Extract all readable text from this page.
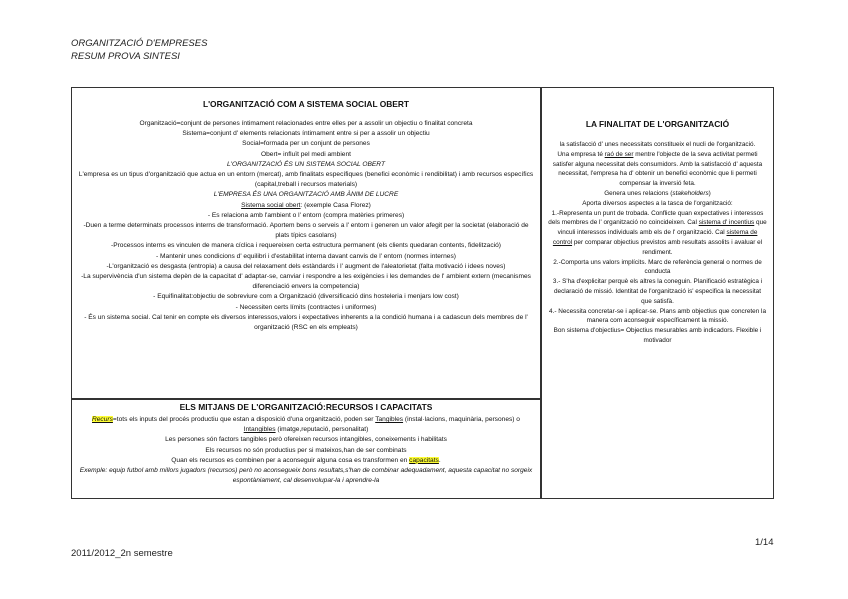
ORGANITZACIÓ D'EMPRESES
RESUM PROVA SINTESI
L'ORGANITZACIÓ COM A SISTEMA SOCIAL OBERT
Organització=conjunt de persones íntimament relacionades entre elles per a assolir un objectiu o finalitat concreta
Sistema=conjunt d' elements relacionats íntimament entre si per a assolir un objectiu
Social=formada per un conjunt de persones
Obert= influït pel medi ambient
L'ORGANITZACIÓ ÉS UN SISTEMA SOCIAL OBERT
L'empresa es un tipus d'organització que actua en un entorn (mercat), amb finalitats específiques (benefici econòmic i rendibilitat) i amb recursos específics (capital,treball i recursos materials)
L'EMPRESA ÉS UNA ORGANITZACIÓ AMB ÀNIM DE LUCRE
Sistema social obert: (exemple Casa Florez)
- Es relaciona amb l'ambient o l' entorn (compra matèries primeres)
-Duen a terme determinats processos interns de transformació. Aportem bens o serveis a l' entorn i generen un valor afegit per la societat (elaboració de plats típics casolans)
-Processos interns es vinculen de manera cíclica i requereixen certa estructura permanent (els clients quedaran contents, fidelització)
- Mantenir unes condicions d' equilibri i d'estabilitat interna davant canvis de l' entorn (normes internes)
-L'organització es desgasta (entropia) a causa del relaxament dels estàndards i l' augment de l'aleatorietat (falta motivació i idees noves)
-La supervivència d'un sistema depèn de la capacitat d' adaptar-se, canviar i respondre a les exigències i les demandes de l' ambient extern (mecanismes diferenciació envers la competencia)
- Equifinalitat:objectiu de sobreviure com a Organització (diversificació dins hosteleria i menjars low cost)
- Necessiten certs límits (contractes i uniformes)
- És un sistema social. Cal tenir en compte els diversos interessos,valors i expectatives inherents a la condició humana i a cadascun dels membres de l' organització (RSC en els empleats)
ELS MITJANS DE L'ORGANITZACIÓ:RECURSOS I CAPACITATS
Recurs=tots els inputs del procés productiu que estan a disposició d'una organització, poden ser Tangibles (instal·lacions, maquinària, persones) o Intangibles (imatge,reputació, personalitat)
Les persones són factors tangibles però ofereixen recursos intangibles, coneixements i habilitats
Els recursos no són productius per si mateixos,han de ser combinats
Quan els recursos es combinen per a aconseguir alguna cosa es transformen en capacitats.
Exemple: equip futbol amb millors jugadors (recursos) però no aconsegueix bons resultats,s'han de combinar adequadament, aquesta capacitat no sorgeix espontàniament, cal desenvolupar-la i aprendre-la
LA FINALITAT DE L'ORGANITZACIÓ
la satisfacció d' unes necessitats constitueix el nucli de l'organització.
Una empresa té raó de ser mentre l'objecte de la seva activitat permeti satisfer alguna necessitat dels consumidors. Amb la satisfacció d' aquesta necessitat, l'empresa ha d' obtenir un benefici econòmic que li permeti compensar la inversió feta.
Genera unes relacions (stakeholders)
Aporta diversos aspectes a la tasca de l'organització:
1.-Representa un punt de trobada. Conflicte quan expectatives i interessos dels membres de l' organització no coincideixen. Cal sistema d' incentius que vinculi interessos individuals amb els de l' organització. Cal sistema de control per comparar objectius previstos amb resultats assolits i avaluar el rendiment.
2.-Comporta uns valors implícits. Marc de referència general o normes de conducta
3.- S'ha d'explicitar perquè els altres la coneguin. Planificació estratègica i declaració de missió. Identitat de l'organització is' especifica la necessitat que satisfà.
4.- Necessita concretar-se i aplicar-se. Plans amb objectius que concreten la manera com aconseguir específicament la missió.
Bon sistema d'objectius= Objectius mesurables amb indicadors. Flexible i motivador
1/14
2011/2012_2n semestre
